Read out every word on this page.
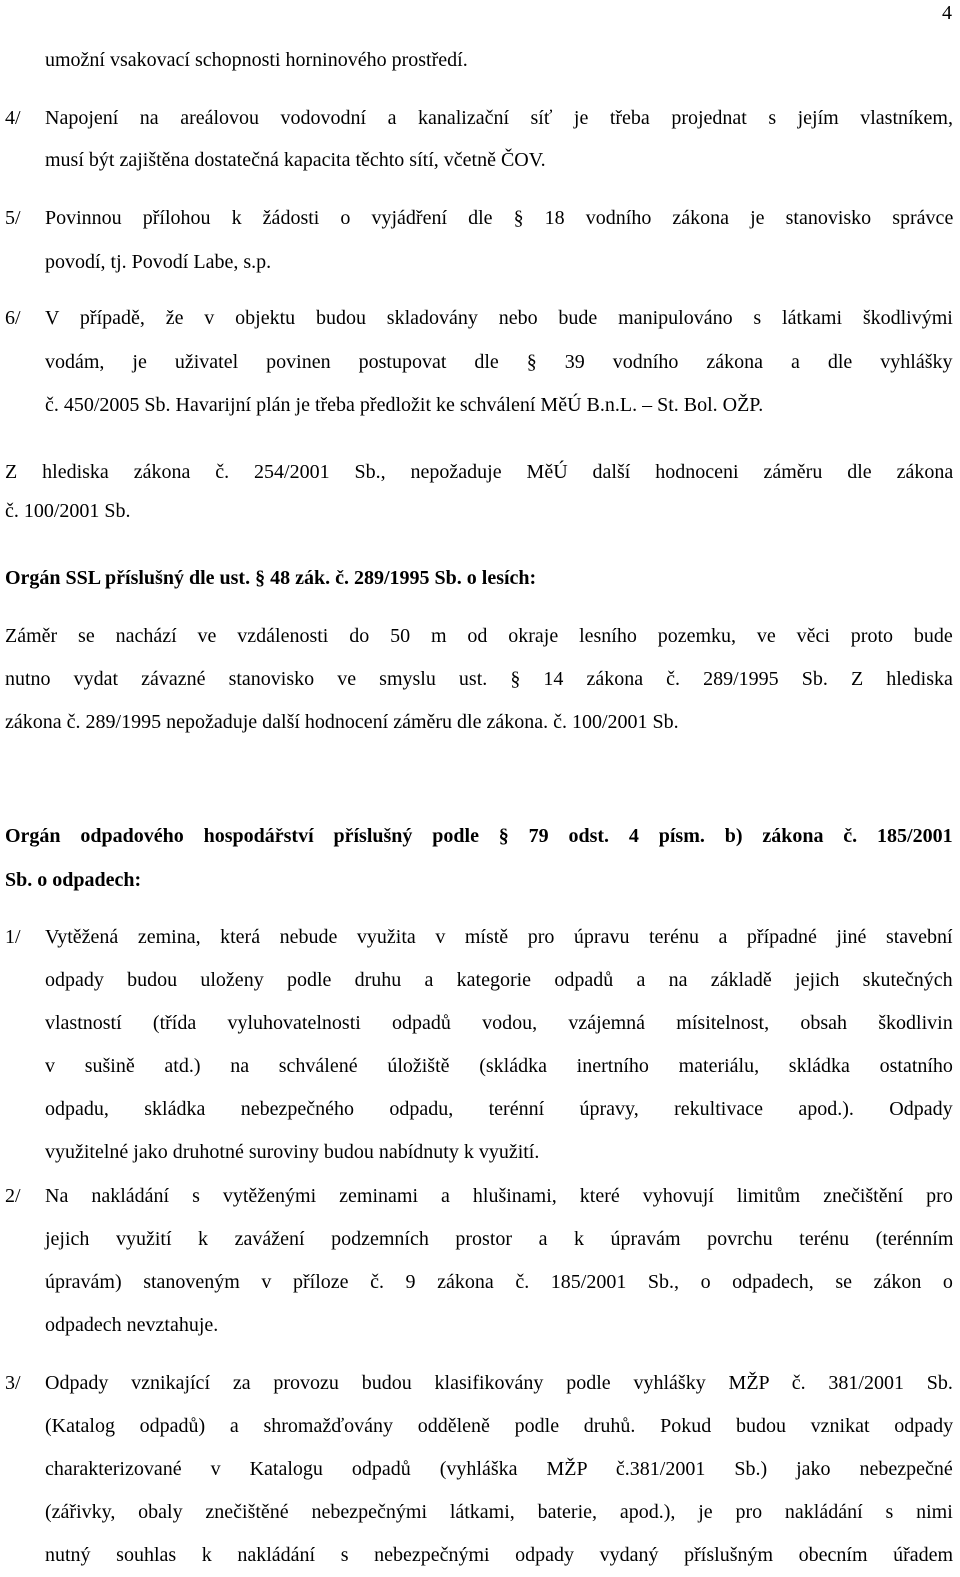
4
umožní vsakovací schopnosti horninového prostředí.
4/ Napojení na areálovou vodovodní a kanalizační síť je třeba projednat s jejím vlastníkem,
musí být zajištěna dostatečná kapacita těchto sítí, včetně ČOV.
5/ Povinnou přílohou k žádosti o vyjádření dle § 18 vodního zákona je stanovisko správce
povodí, tj. Povodí Labe, s.p.
6/ V případě, že v objektu budou skladovány nebo bude manipulováno s látkami škodlivými
vodám, je uživatel povinen postupovat dle § 39 vodního zákona a dle vyhlášky
č. 450/2005 Sb. Havarijní plán je třeba předložit ke schválení MěÚ B.n.L. – St. Bol. OŽP.
Z hlediska zákona č. 254/2001 Sb., nepožaduje MěÚ další hodnoceni záměru dle zákona
č. 100/2001 Sb.
Orgán SSL příslušný dle ust. § 48 zák. č. 289/1995 Sb. o lesích:
Záměr se nachází ve vzdálenosti do 50 m od okraje lesního pozemku, ve věci proto bude
nutno vydat závazné stanovisko ve smyslu ust. § 14 zákona č. 289/1995 Sb. Z hlediska
zákona č. 289/1995 nepožaduje další hodnocení záměru dle zákona. č. 100/2001 Sb.
Orgán odpadového hospodářství příslušný podle § 79 odst. 4 písm. b) zákona č. 185/2001
Sb. o odpadech:
1/ Vytěžená zemina, která nebude využita v místě pro úpravu terénu a případné jiné stavební
odpady budou uloženy podle druhu a kategorie odpadů a na základě jejich skutečných
vlastností (třída vyluhovatelnosti odpadů vodou, vzájemná mísitelnost, obsah škodlivin
v sušině atd.) na schválené úložiště (skládka inertního materiálu, skládka ostatního
odpadu, skládka nebezpečného odpadu, terénní úpravy, rekultivace apod.). Odpady
využitelné jako druhotné suroviny budou nabídnuty k využití.
2/ Na nakládání s vytěženými zeminami a hlušinami, které vyhovují limitům znečištění pro
jejich využití k zavážení podzemních prostor a k úpravám povrchu terénu (terénním
úpravám) stanoveným v příloze č. 9 zákona č. 185/2001 Sb., o odpadech, se zákon o
odpadech nevztahuje.
3/ Odpady vznikající za provozu budou klasifikovány podle vyhlášky MŽP č. 381/2001 Sb.
(Katalog odpadů) a shromažďovány odděleně podle druhů. Pokud budou vznikat odpady
charakterizované v Katalogu odpadů (vyhláška MŽP č.381/2001 Sb.) jako nebezpečné
(zářivky, obaly znečištěné nebezpečnými látkami, baterie, apod.), je pro nakládání s nimi
nutný souhlas k nakládání s nebezpečnými odpady vydaný příslušným obecním úřadem
